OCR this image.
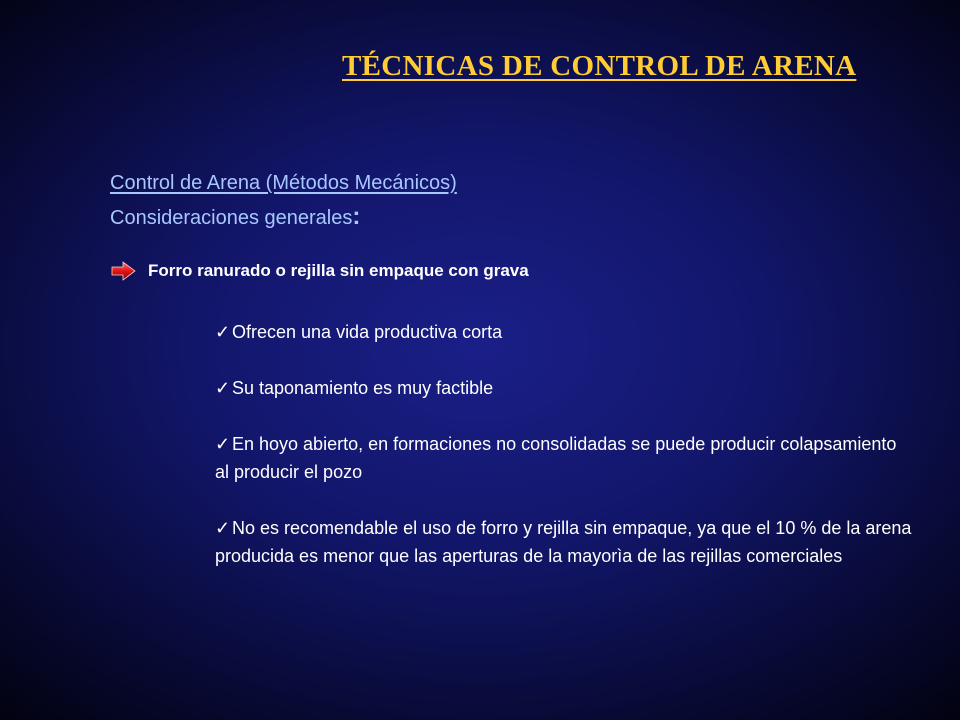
TÉCNICAS DE CONTROL DE ARENA

Control de Arena (Métodos Mecánicos)

Consideraciones generales:

Forro ranurado o rejilla sin empaque con grava
✓ Ofrecen una vida productiva corta
✓ Su taponamiento es muy factible
✓ En hoyo abierto, en formaciones no consolidadas se puede producir colapsamiento al producir el pozo
✓ No es recomendable el uso de forro y rejilla sin empaque, ya que el 10 % de la arena producida es menor que las aperturas de la mayorìa de las rejillas comerciales
